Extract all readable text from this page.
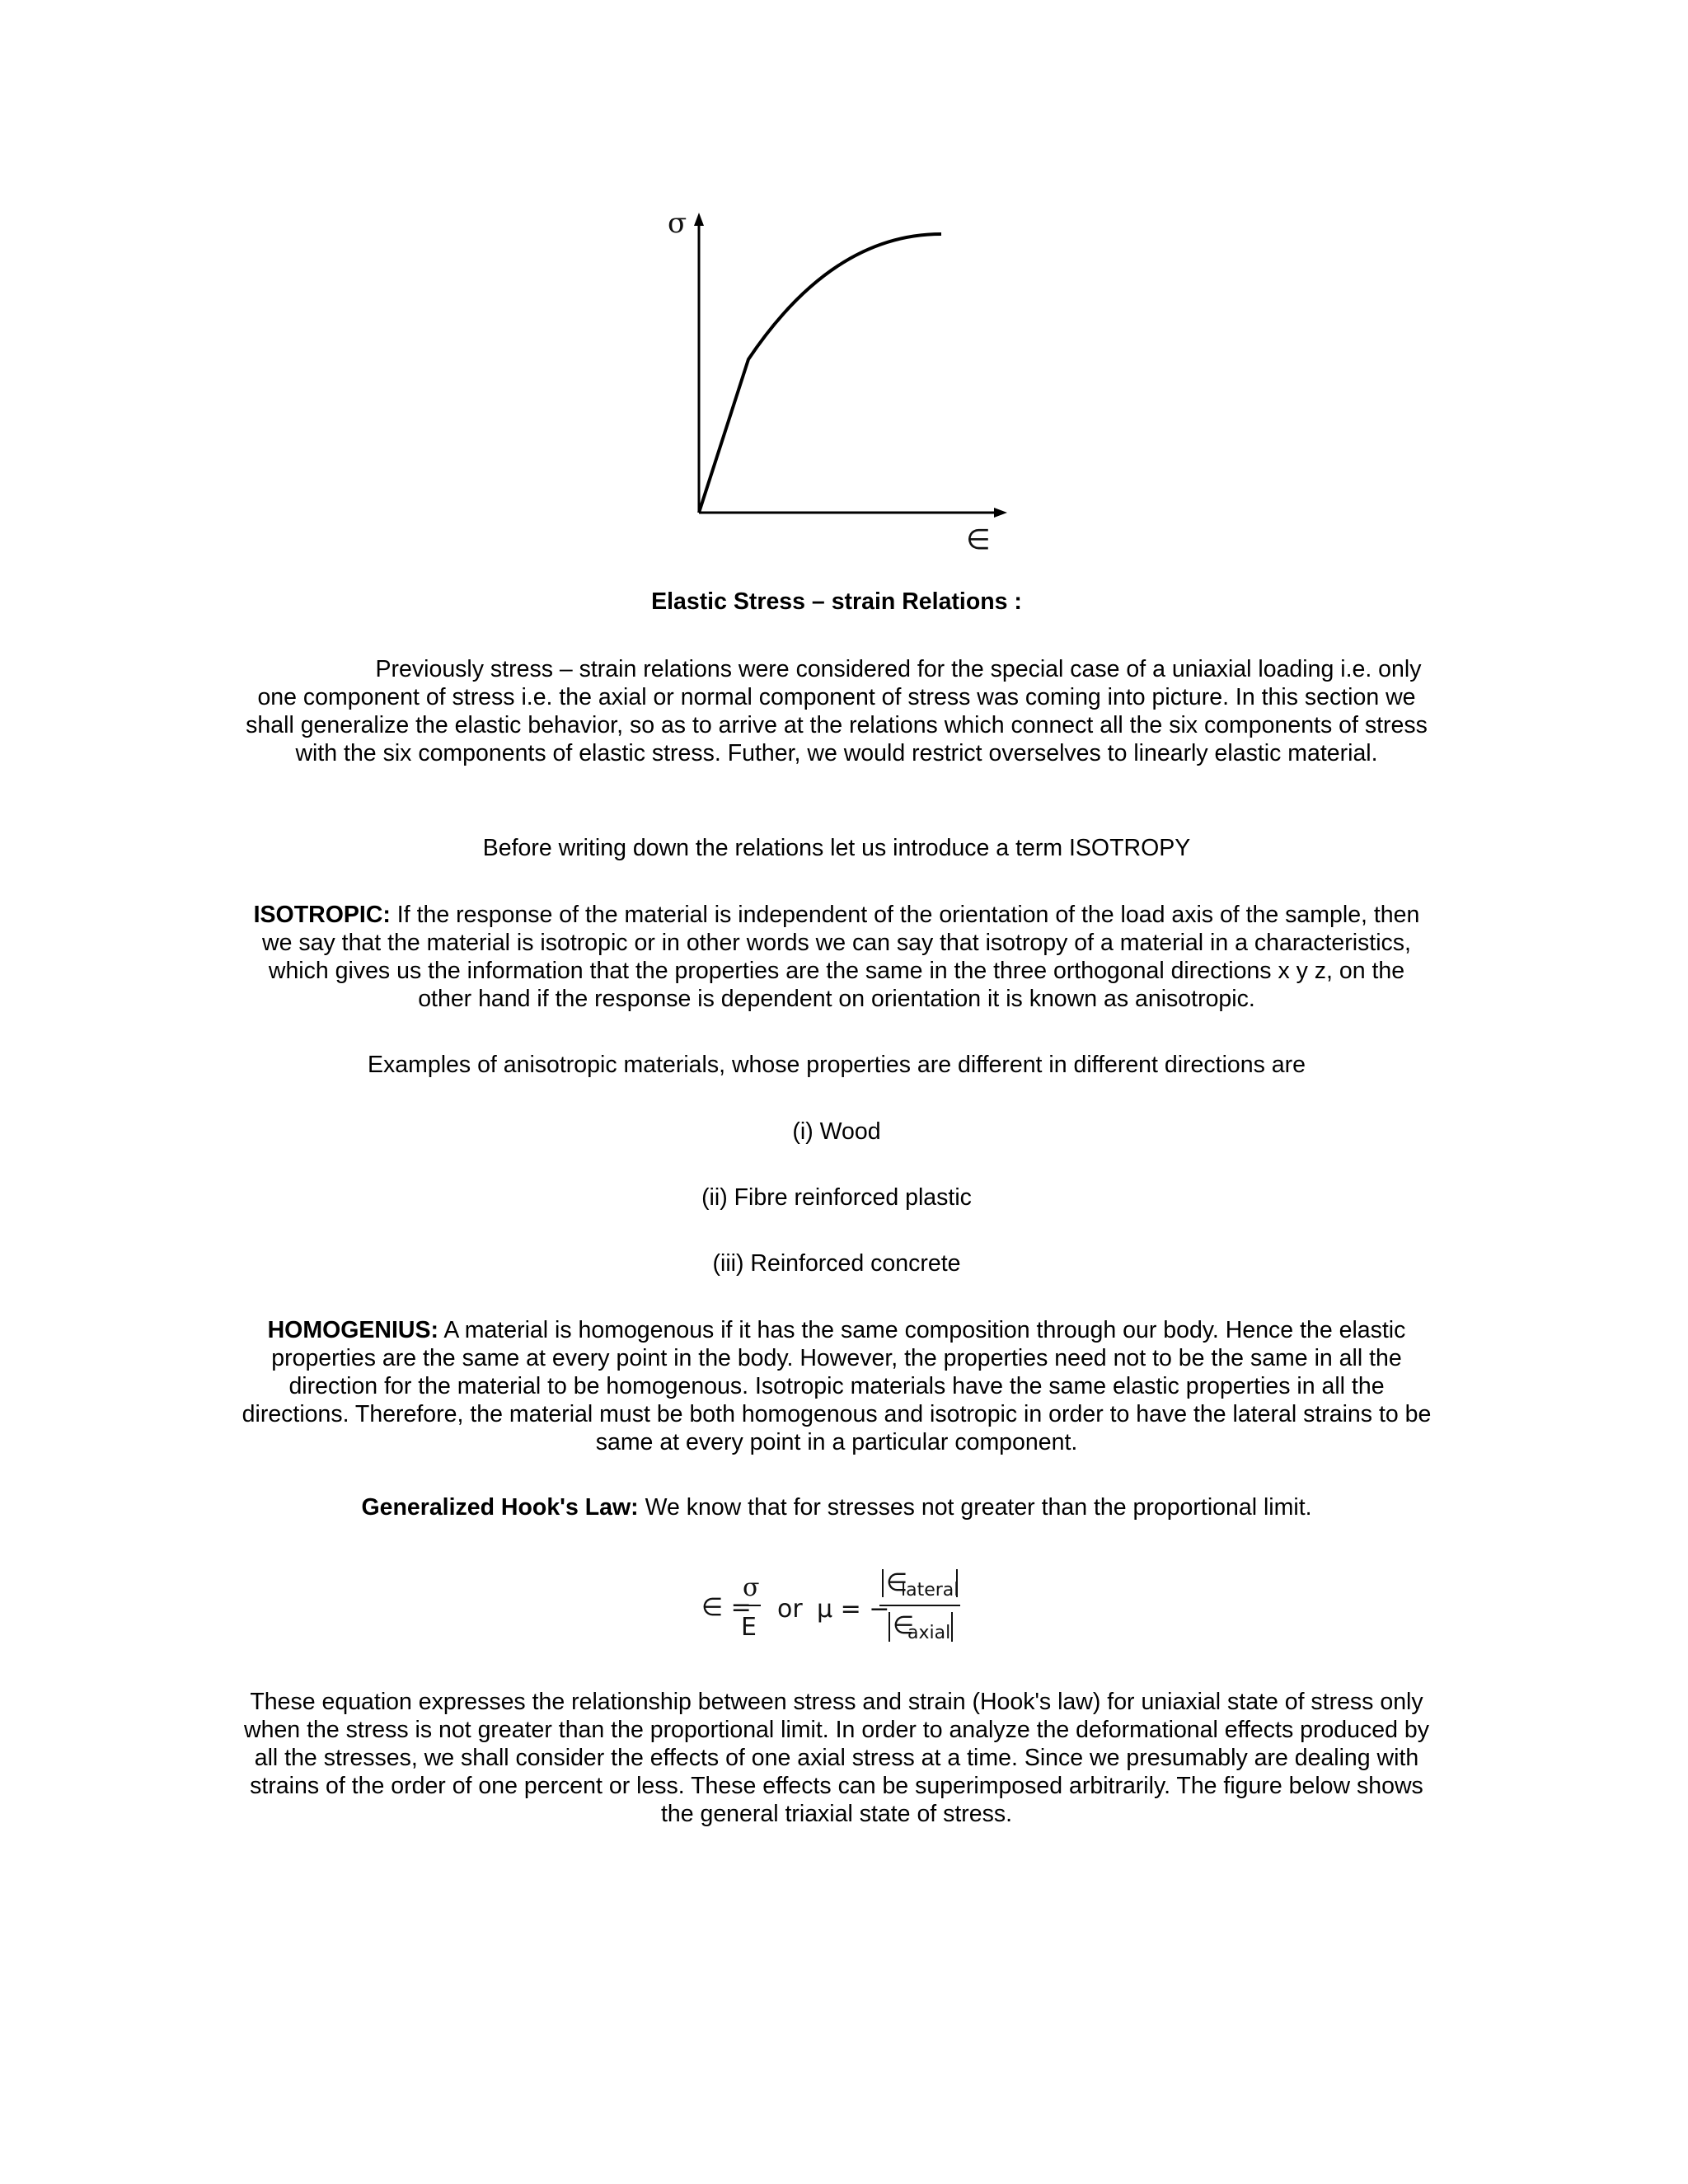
σ
∈
Elastic Stress – strain Relations :
Previously stress – strain relations were considered for the special case of a uniaxial loading i.e. only one component of stress i.e. the axial or normal component of stress was coming into picture. In this section we shall generalize the elastic behavior, so as to arrive at the relations which connect all the six components of stress with the six components of elastic stress. Futher, we would restrict overselves to linearly elastic material.
Before writing down the relations let us introduce a term ISOTROPY
ISOTROPIC: If the response of the material is independent of the orientation of the load axis of the sample, then we say that the material is isotropic or in other words we can say that isotropy of a material in a characteristics, which gives us the information that the properties are the same in the three orthogonal directions x y z, on the other hand if the response is dependent on orientation it is known as anisotropic.
Examples of anisotropic materials, whose properties are different in different directions are
(i) Wood
(ii) Fibre reinforced plastic
(iii) Reinforced concrete
HOMOGENIUS: A material is homogenous if it has the same composition through our body. Hence the elastic properties are the same at every point in the body. However, the properties need not to be the same in all the direction for the material to be homogenous. Isotropic materials have the same elastic properties in all the directions. Therefore, the material must be both homogenous and isotropic in order to have the lateral strains to be same at every point in a particular component.
Generalized Hook's Law: We know that for stresses not greater than the proportional limit.
∈ =
σ
E
or μ = −
∈
lateral
∈
axial
These equation expresses the relationship between stress and strain (Hook's law) for uniaxial state of stress only when the stress is not greater than the proportional limit. In order to analyze the deformational effects produced by all the stresses, we shall consider the effects of one axial stress at a time. Since we presumably are dealing with strains of the order of one percent or less. These effects can be superimposed arbitrarily. The figure below shows the general triaxial state of stress.
